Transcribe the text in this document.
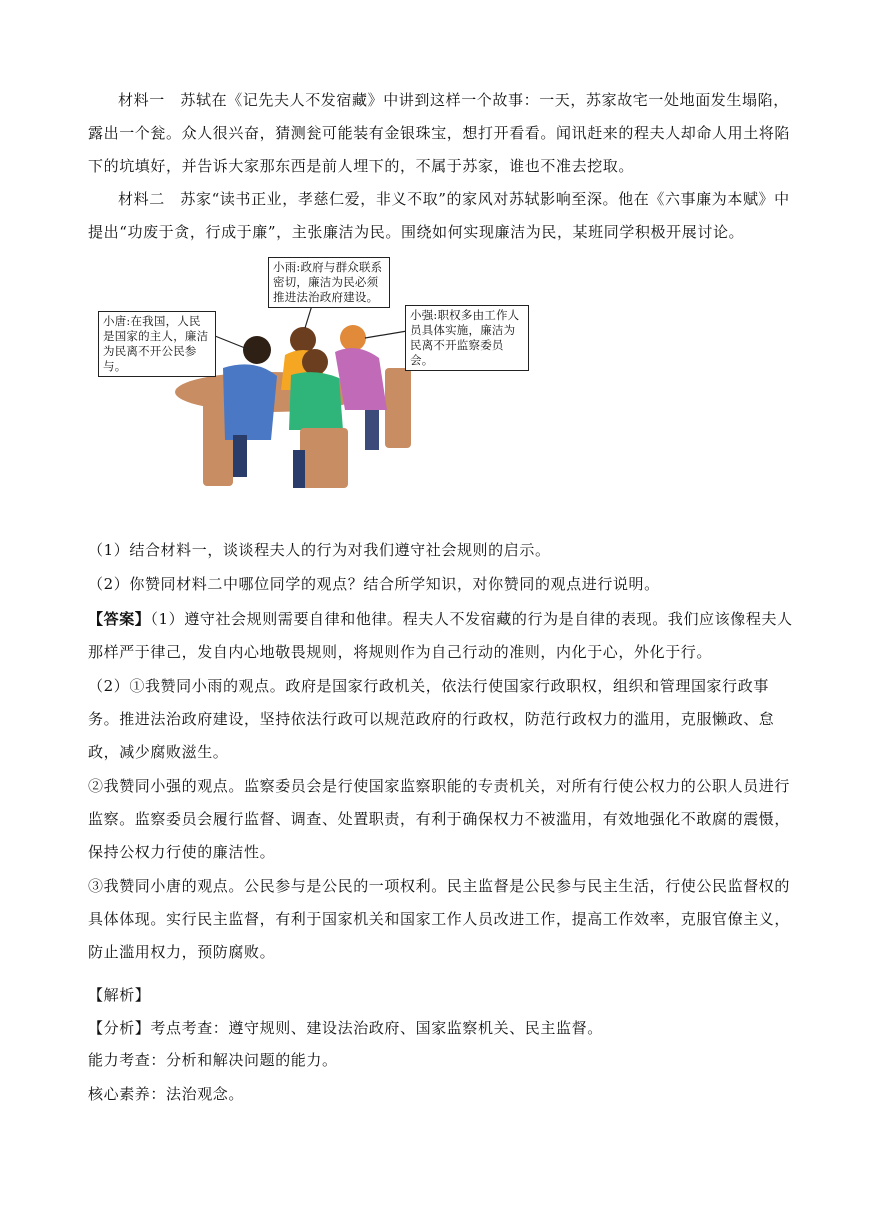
材料一　苏轼在《记先夫人不发宿藏》中讲到这样一个故事：一天，苏家故宅一处地面发生塌陷，露出一个瓮。众人很兴奋，猜测瓮可能装有金银珠宝，想打开看看。闻讯赶来的程夫人却命人用土将陷下的坑填好，并告诉大家那东西是前人埋下的，不属于苏家，谁也不准去挖取。

材料二　苏家“读书正业，孝慈仁爱，非义不取”的家风对苏轼影响至深。他在《六事廉为本赋》中提出“功废于贪，行成于廉”，主张廉洁为民。围绕如何实现廉洁为民，某班同学积极开展讨论。

小雨:政府与群众联系密切，廉洁为民必须推进法治政府建设。
小唐:在我国，人民是国家的主人，廉洁为民离不开公民参与。
小强:职权多由工作人员具体实施，廉洁为民离不开监察委员会。

（1）结合材料一，谈谈程夫人的行为对我们遵守社会规则的启示。

（2）你赞同材料二中哪位同学的观点？结合所学知识，对你赞同的观点进行说明。

【答案】（1）遵守社会规则需要自律和他律。程夫人不发宿藏的行为是自律的表现。我们应该像程夫人那样严于律己，发自内心地敬畏规则，将规则作为自己行动的准则，内化于心，外化于行。

（2）①我赞同小雨的观点。政府是国家行政机关，依法行使国家行政职权，组织和管理国家行政事务。推进法治政府建设，坚持依法行政可以规范政府的行政权，防范行政权力的滥用，克服懒政、怠政，减少腐败滋生。

②我赞同小强的观点。监察委员会是行使国家监察职能的专责机关，对所有行使公权力的公职人员进行监察。监察委员会履行监督、调查、处置职责，有利于确保权力不被滥用，有效地强化不敢腐的震慑，保持公权力行使的廉洁性。

③我赞同小唐的观点。公民参与是公民的一项权利。民主监督是公民参与民主生活，行使公民监督权的具体体现。实行民主监督，有利于国家机关和国家工作人员改进工作，提高工作效率，克服官僚主义，防止滥用权力，预防腐败。

【解析】

【分析】考点考查：遵守规则、建设法治政府、国家监察机关、民主监督。

能力考查：分析和解决问题的能力。

核心素养：法治观念。
